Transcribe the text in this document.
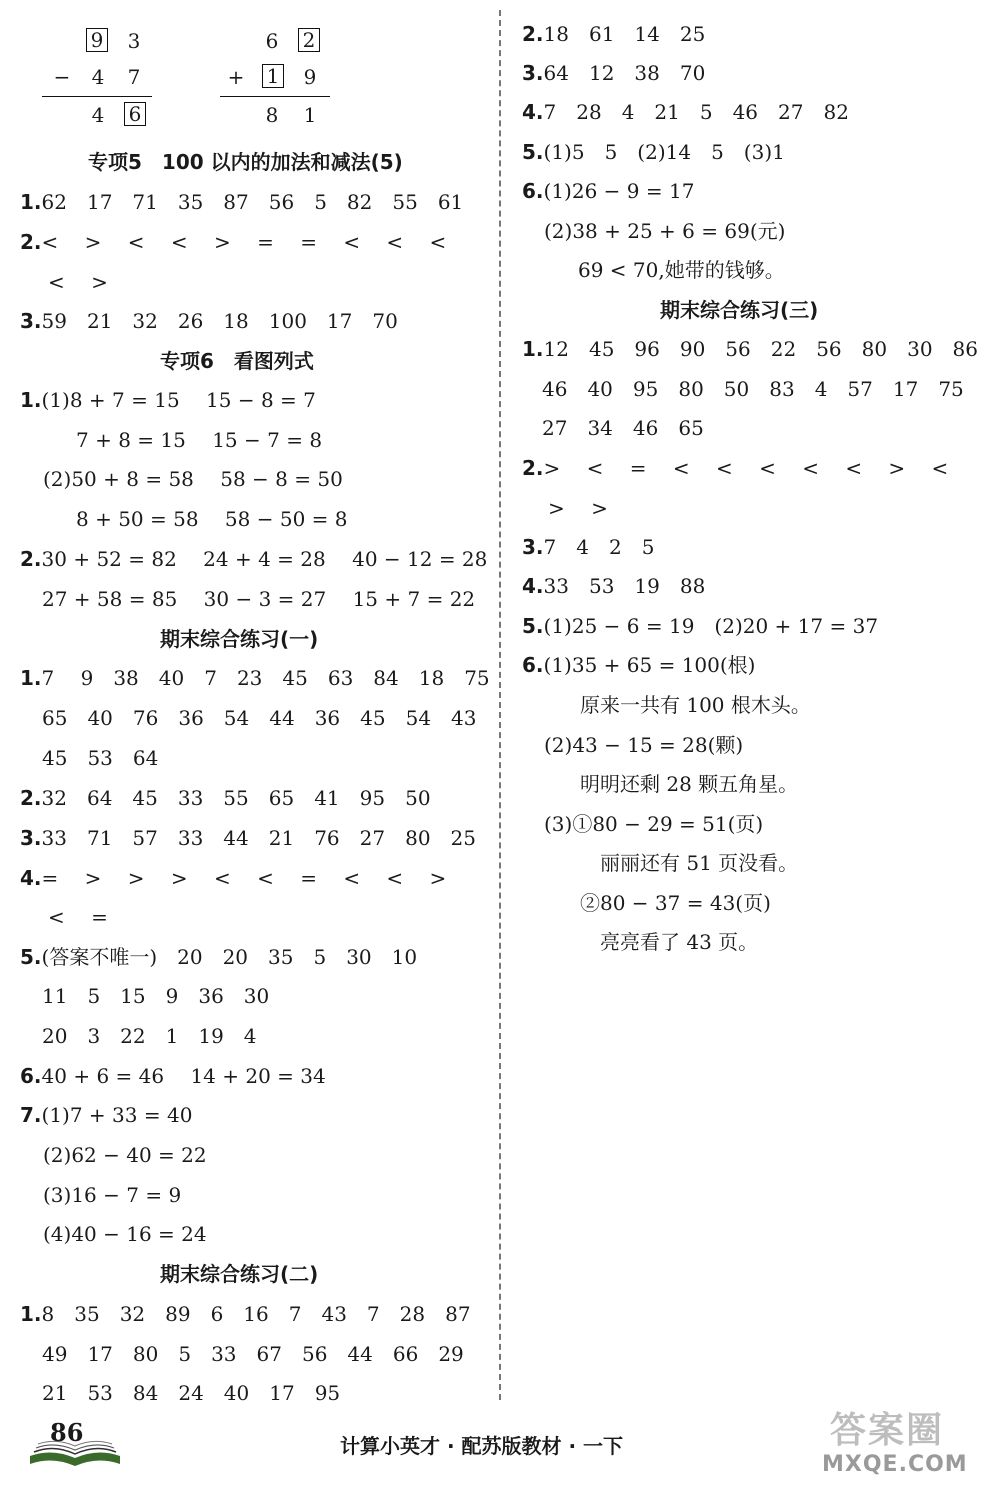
9 3
− 4 7
4 6
6 2
+ 1 9
8 1
专项5　100 以内的加法和减法(5)
1.62　17　71　35　87　56　5　82　55　61
2.<　 >　 <　 <　 >　 =　 =　 <　 <　 <
<　 >
3.59　21　32　26　18　100　17　70
专项6　看图列式
1.(1)8 + 7 = 15　 15 − 8 = 7
7 + 8 = 15　 15 − 7 = 8
(2)50 + 8 = 58　 58 − 8 = 50
8 + 50 = 58　 58 − 50 = 8
2.30 + 52 = 82　 24 + 4 = 28　 40 − 12 = 28
27 + 58 = 85　 30 − 3 = 27　 15 + 7 = 22
期末综合练习(一)
1.7　 9　38　40　7　23　45　63　84　18　75
65　40　76　36　54　44　36　45　54　43
45　53　64
2.32　64　45　33　55　65　41　95　50
3.33　71　57　33　44　21　76　27　80　25
4.=　 >　 >　 >　 <　 <　 =　 <　 <　 >
<　 =
5.(答案不唯一)　20　20　35　5　30　10
11　5　15　9　36　30
20　3　22　1　19　4
6.40 + 6 = 46　 14 + 20 = 34
7.(1)7 + 33 = 40
(2)62 − 40 = 22
(3)16 − 7 = 9
(4)40 − 16 = 24
期末综合练习(二)
1.8　35　32　89　6　16　7　43　7　28　87
49　17　80　5　33　67　56　44　66　29
21　53　84　24　40　17　95
2.18　61　14　25
3.64　12　38　70
4.7　28　4　21　5　46　27　82
5.(1)5　5　(2)14　5　(3)1
6.(1)26 − 9 = 17
(2)38 + 25 + 6 = 69(元)
69 < 70,她带的钱够。
期末综合练习(三)
1.12　45　96　90　56　22　56　80　30　86
46　40　95　80　50　83　4　57　17　75
27　34　46　65
2.>　 <　 =　 <　 <　 <　 <　 <　 >　 <
>　 >
3.7　4　2　5
4.33　53　19　88
5.(1)25 − 6 = 19　(2)20 + 17 = 37
6.(1)35 + 65 = 100(根)
原来一共有 100 根木头。
(2)43 − 15 = 28(颗)
明明还剩 28 颗五角星。
(3)①80 − 29 = 51(页)
丽丽还有 51 页没看。
②80 − 37 = 43(页)
亮亮看了 43 页。
86	计算小英才 · 配苏版教材 · 一下	答案圈
MXQE.COM
